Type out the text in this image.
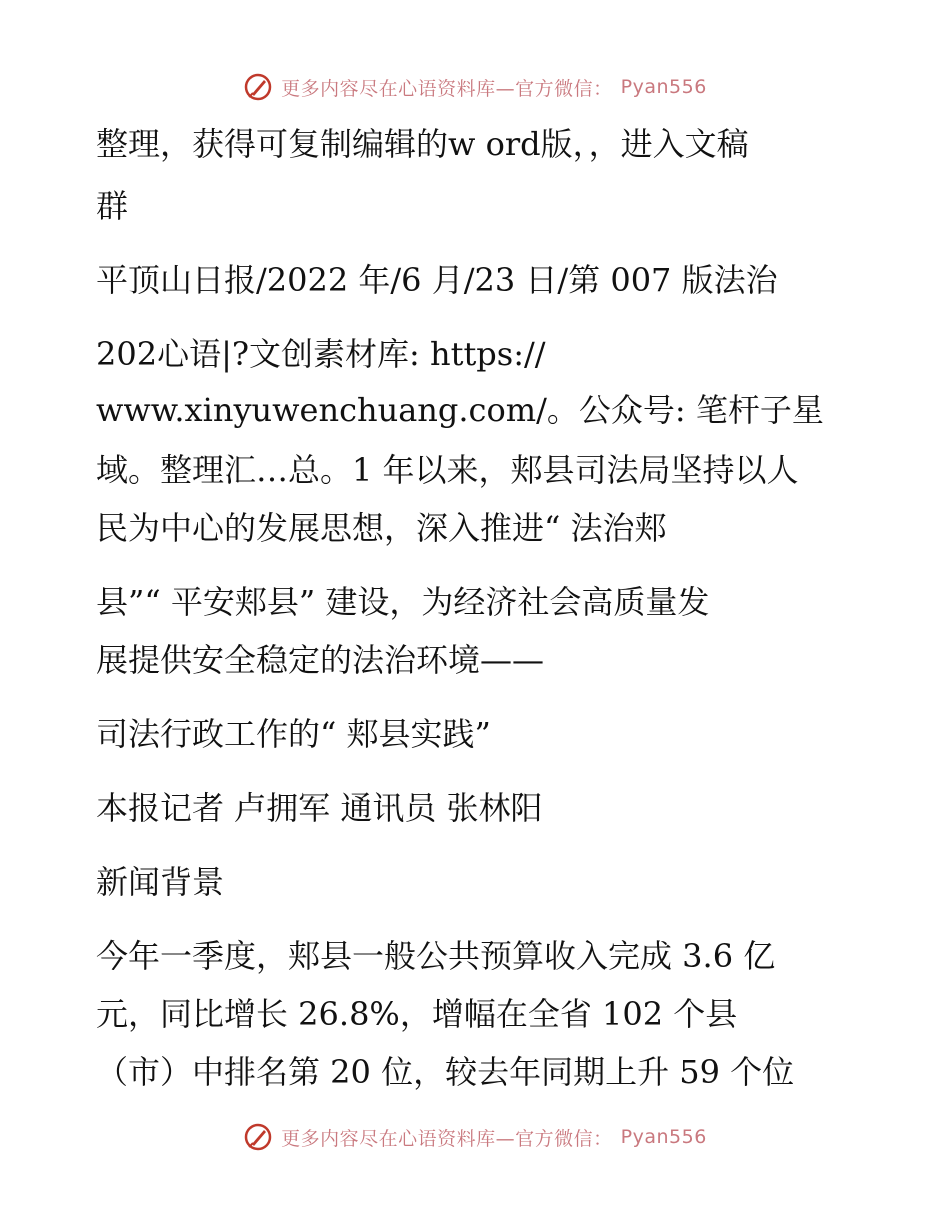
更多内容尽在心语资料库—官方微信： Pyan556

整理，获得可复制编辑的w ord版，，进入文稿

群

平顶山日报/2022 年/6 月/23 日/第 007 版法治

202心语|?文创素材库: https://

www.xinyuwenchuang.com/。公众号: 笔杆子星

域。整理汇…总。1 年以来，郏县司法局坚持以人

民为中心的发展思想，深入推进“ 法治郏

县”“ 平安郏县” 建设，为经济社会高质量发

展提供安全稳定的法治环境——

司法行政工作的“ 郏县实践”

本报记者 卢拥军 通讯员 张林阳

新闻背景

今年一季度，郏县一般公共预算收入完成 3.6 亿

元，同比增长 26.8%，增幅在全省 102 个县

（市）中排名第 20 位，较去年同期上升 59 个位

更多内容尽在心语资料库—官方微信： Pyan556
